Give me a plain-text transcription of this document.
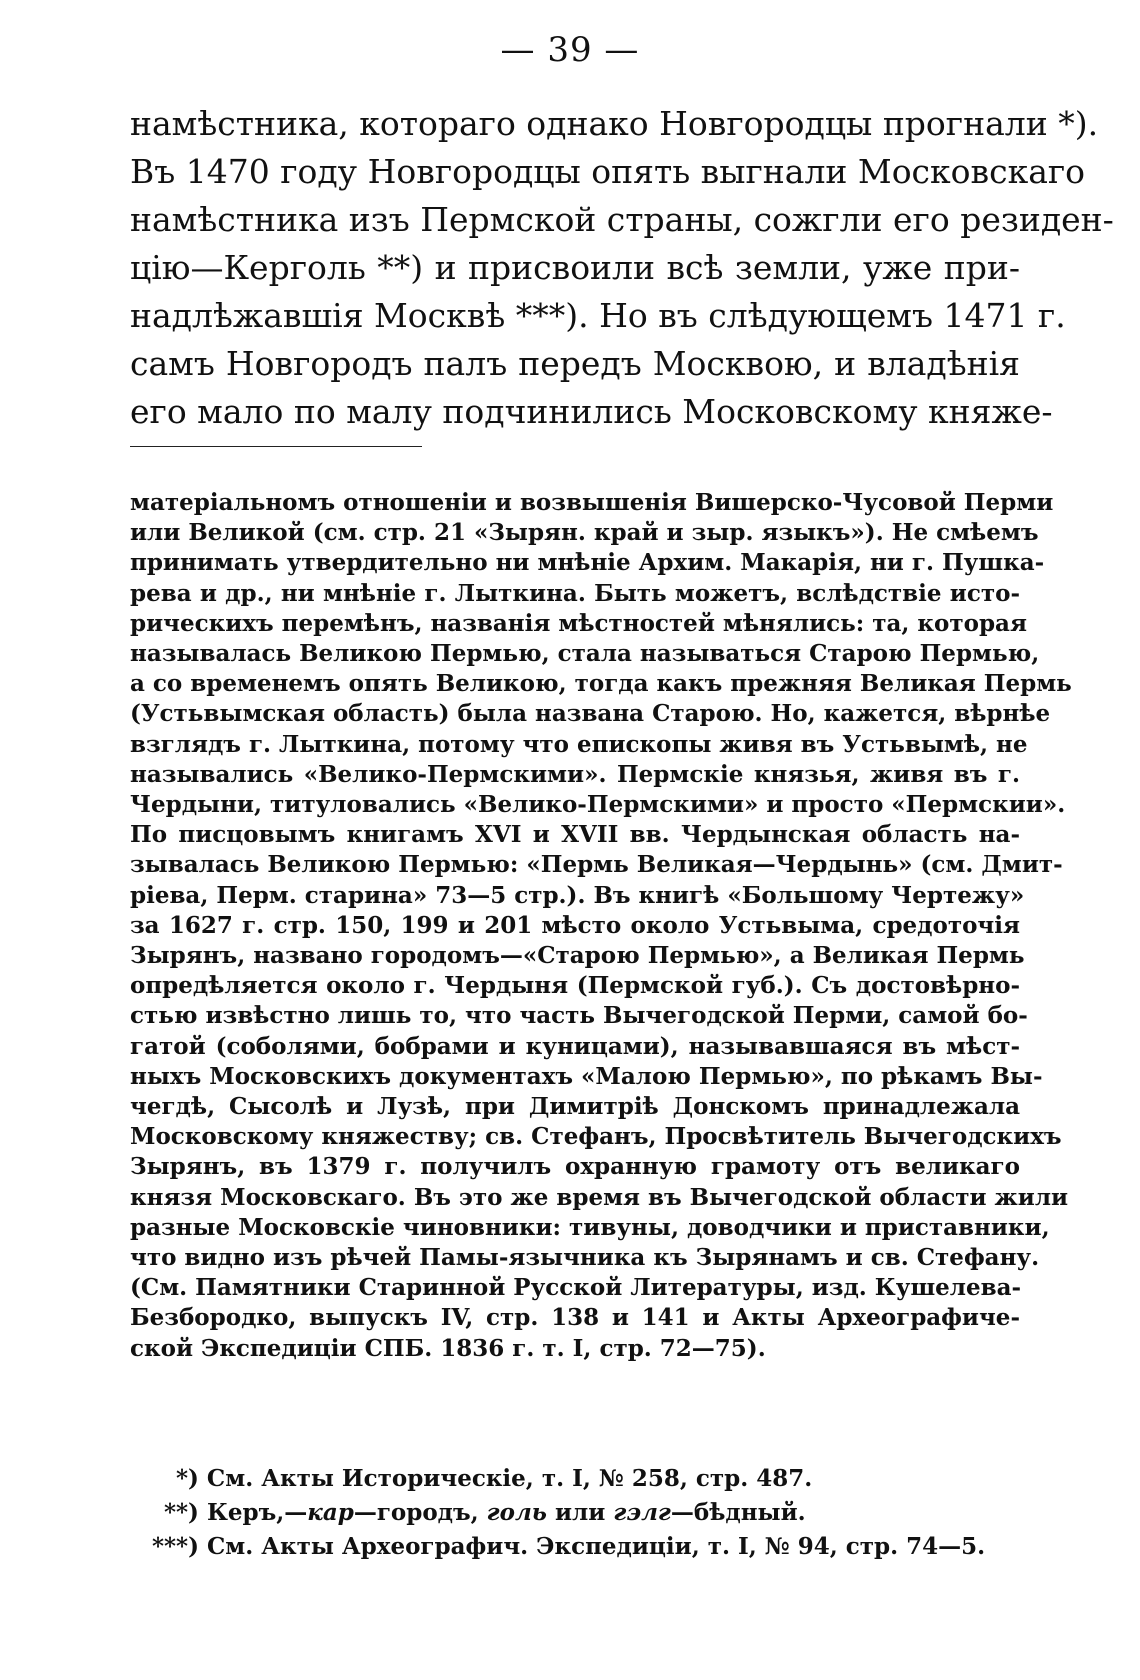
— 39 —
намѣстника, котораго однако Новгородцы прогнали *).
Въ 1470 году Новгородцы опять выгнали Московскаго
намѣстника изъ Пермской страны, сожгли его резиден-
цію—Керголь **) и присвоили всѣ земли, уже при-
надлѣжавшія Москвѣ ***). Но въ слѣдующемъ 1471 г.
самъ Новгородъ палъ передъ Москвою, и владѣнія
его мало по малу подчинились Московскому княже-
матеріальномъ отношеніи и возвышенія Вишерско-Чусовой Перми
или Великой (см. стр. 21 «Зырян. край и зыр. языкъ»). Не смѣемъ
принимать утвердительно ни мнѣніе Архим. Макарія, ни г. Пушка-
рева и др., ни мнѣніе г. Лыткина. Быть можетъ, вслѣдствіе исто-
рическихъ перемѣнъ, названія мѣстностей мѣнялись: та, которая
называлась Великою Пермью, стала называться Старою Пермью,
а со временемъ опять Великою, тогда какъ прежняя Великая Пермь
(Устьвымская область) была названа Старою. Но, кажется, вѣрнѣе
взглядъ г. Лыткина, потому что епископы живя въ Устьвымѣ, не
назывались «Велико-Пермскими». Пермскіе князья, живя въ г.
Чердыни, титуловались «Велико-Пермскими» и просто «Пермскии».
По писцовымъ книгамъ XVI и XVII вв. Чердынская область на-
зывалась Великою Пермью: «Пермь Великая—Чердынь» (см. Дмит-
ріева, Перм. старина» 73—5 стр.). Въ книгѣ «Большому Чертежу»
за 1627 г. стр. 150, 199 и 201 мѣсто около Устьвыма, средоточія
Зырянъ, названо городомъ—«Старою Пермью», а Великая Пермь
опредѣляется около г. Чердыня (Пермской губ.). Съ достовѣрно-
стью извѣстно лишь то, что часть Вычегодской Перми, самой бо-
гатой (соболями, бобрами и куницами), называвшаяся въ мѣст-
ныхъ Московскихъ документахъ «Малою Пермью», по рѣкамъ Вы-
чегдѣ, Сысолѣ и Лузѣ, при Димитріѣ Донскомъ принадлежала
Московскому княжеству; св. Стефанъ, Просвѣтитель Вычегодскихъ
Зырянъ, въ 1379 г. получилъ охранную грамоту отъ великаго
князя Московскаго. Въ это же время въ Вычегодской области жили
разные Московскіе чиновники: тивуны, доводчики и приставники,
что видно изъ рѣчей Памы-язычника къ Зырянамъ и св. Стефану.
(См. Памятники Старинной Русской Литературы, изд. Кушелева-
Безбородко, выпускъ IV, стр. 138 и 141 и Акты Археографиче-
ской Экспедиціи СПБ. 1836 г. т. I, стр. 72—75).
*) См. Акты Историческіе, т. I, № 258, стр. 487.
**) Керъ,—кар—городъ, голь или гэлг—бѣдный.
***) См. Акты Археографич. Экспедиціи, т. I, № 94, стр. 74—5.
